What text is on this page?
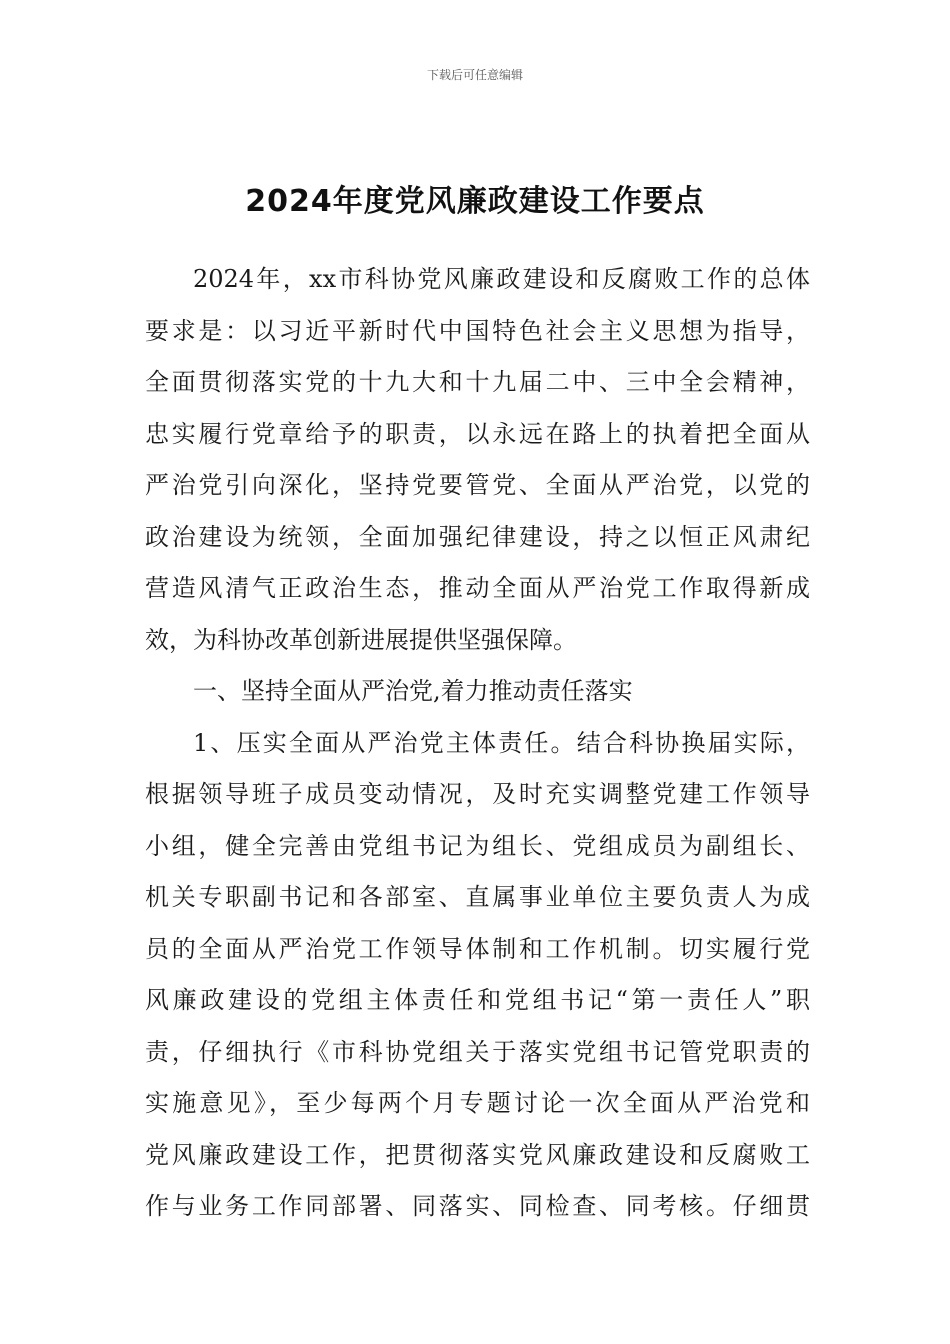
下载后可任意编辑
2024年度党风廉政建设工作要点
2024年，xx市科协党风廉政建设和反腐败工作的总体
要求是：以习近平新时代中国特色社会主义思想为指导，
全面贯彻落实党的十九大和十九届二中、三中全会精神，
忠实履行党章给予的职责，以永远在路上的执着把全面从
严治党引向深化，坚持党要管党、全面从严治党，以党的
政治建设为统领，全面加强纪律建设，持之以恒正风肃纪
营造风清气正政治生态，推动全面从严治党工作取得新成
效，为科协改革创新进展提供坚强保障。
一、坚持全面从严治党,着力推动责任落实
1、压实全面从严治党主体责任。结合科协换届实际，
根据领导班子成员变动情况，及时充实调整党建工作领导
小组，健全完善由党组书记为组长、党组成员为副组长、
机关专职副书记和各部室、直属事业单位主要负责人为成
员的全面从严治党工作领导体制和工作机制。切实履行党
风廉政建设的党组主体责任和党组书记“第一责任人”职
责，仔细执行《市科协党组关于落实党组书记管党职责的
实施意见》，至少每两个月专题讨论一次全面从严治党和
党风廉政建设工作，把贯彻落实党风廉政建设和反腐败工
作与业务工作同部署、同落实、同检查、同考核。仔细贯
